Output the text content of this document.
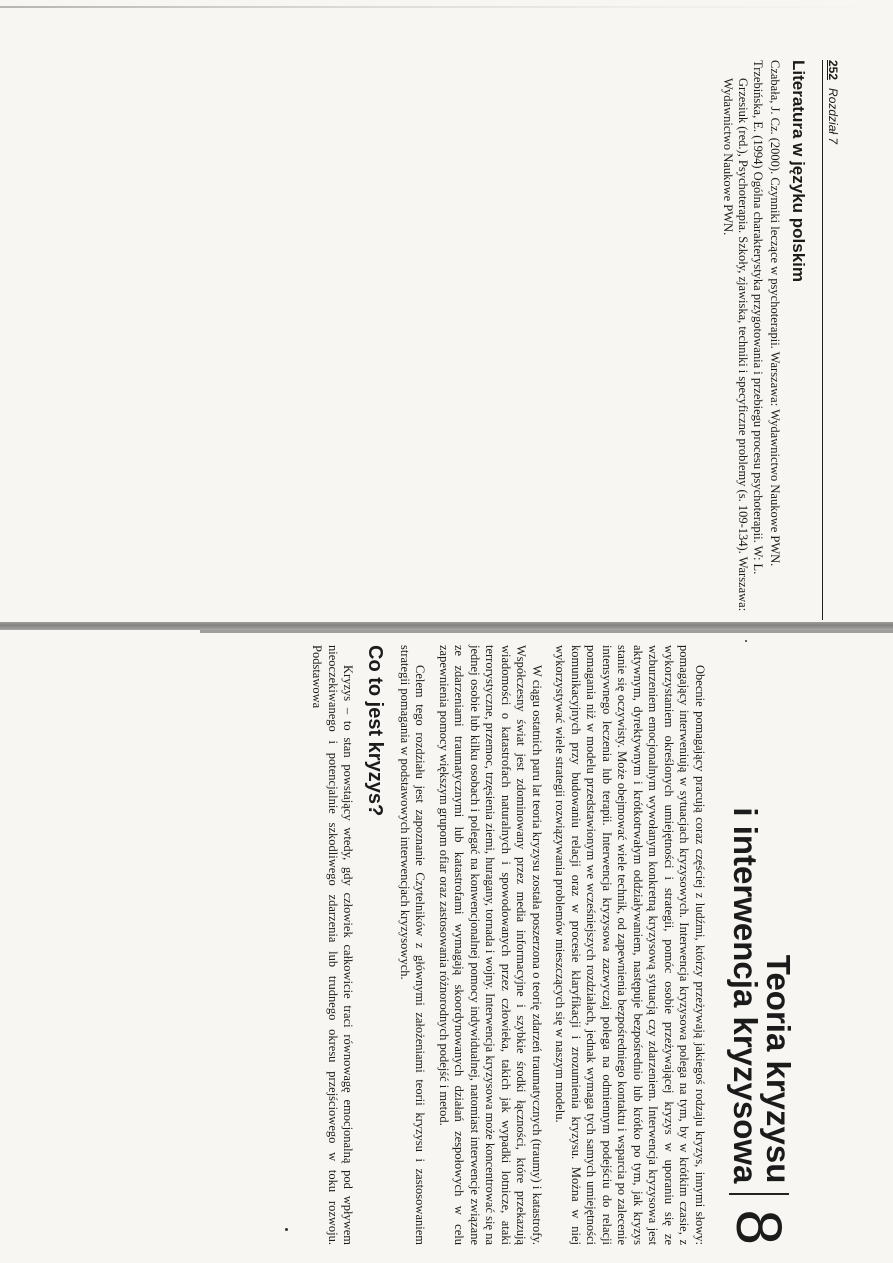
252
Rozdział 7
Literatura w języku polskim

Czabała, J. Cz. (2000). Czynniki leczące w psychoterapii. Warszawa: Wydawnictwo Naukowe PWN.

Trzebińska, E. (1994) Ogólna charakterystyka przygotowania i przebiegu procesu psychoterapii. W: L. Grzesiuk (red.), Psychoterapia. Szkoły, zjawiska, techniki i specyficzne problemy (s. 109-134). Warszawa: Wydawnictwo Naukowe PWN.

Teoria kryzysu
i interwencja kryzysowa
8

Obecnie pomagający pracują coraz częściej z ludźmi, którzy przeżywają jakiegoś rodzaju kryzys, innymi słowy: pomagający interweniują w sytuacjach kryzysowych. Interwencja kryzysowa polega na tym, by w krótkim czasie, z wykorzystaniem określonych umiejętności i strategii, pomóc osobie przeżywającej kryzys w uporaniu się ze wzburzeniem emocjonalnym wywołanym konkretną kryzysową sytuacją czy zdarzeniem. Interwencja kryzysowa jest aktywnym, dyrektywnym i krótkotrwałym oddziaływaniem, następuje bezpośrednio lub krótko po tym, jak kryzys stanie się oczywisty. Może obejmować wiele technik, od zapewnienia bezpośredniego kontaktu i wsparcia po zalecenie intensywnego leczenia lub terapii. Interwencja kryzysowa zazwyczaj polega na odmiennym podejściu do relacji pomagania niż w modelu przedstawionym we wcześniejszych rozdziałach, jednak wymaga tych samych umiejętności komunikacyjnych przy budowaniu relacji oraz w procesie klaryfikacji i zrozumienia kryzysu. Można w niej wykorzystywać wiele strategii rozwiązywania problemów mieszczących się w naszym modelu.

W ciągu ostatnich paru lat teoria kryzysu została poszerzona o teorię zdarzeń traumatycznych (traumy) i katastrofy. Współczesny świat jest zdominowany przez media informacyjne i szybkie środki łączności, które przekazują wiadomości o katastrofach naturalnych i spowodowanych przez człowieka, takich jak wypadki lotnicze, ataki terrorystyczne, przemoc, trzęsienia ziemi, huragany, tornada i wojny. Interwencja kryzysowa może koncentrować się na jednej osobie lub kilku osobach i polegać na konwencjonalnej pomocy indywidualnej, natomiast interwencje związane ze zdarzeniami traumatycznymi lub katastrofami wymagają skoordynowanych działań zespołowych w celu zapewnienia pomocy większym grupom ofiar oraz zastosowania różnorodnych podejść i metod.

Celem tego rozdziału jest zapoznanie Czytelników z głównymi założeniami teorii kryzysu i zastosowaniem strategii pomagania w podstawowych interwencjach kryzysowych.

Co to jest kryzys?

Kryzys – to stan powstający wtedy, gdy człowiek całkowicie traci równowagę emocjonalną pod wpływem nieoczekiwanego i potencjalnie szkodliwego zdarzenia lub trudnego okresu przejściowego w toku rozwoju. Podstawowa
